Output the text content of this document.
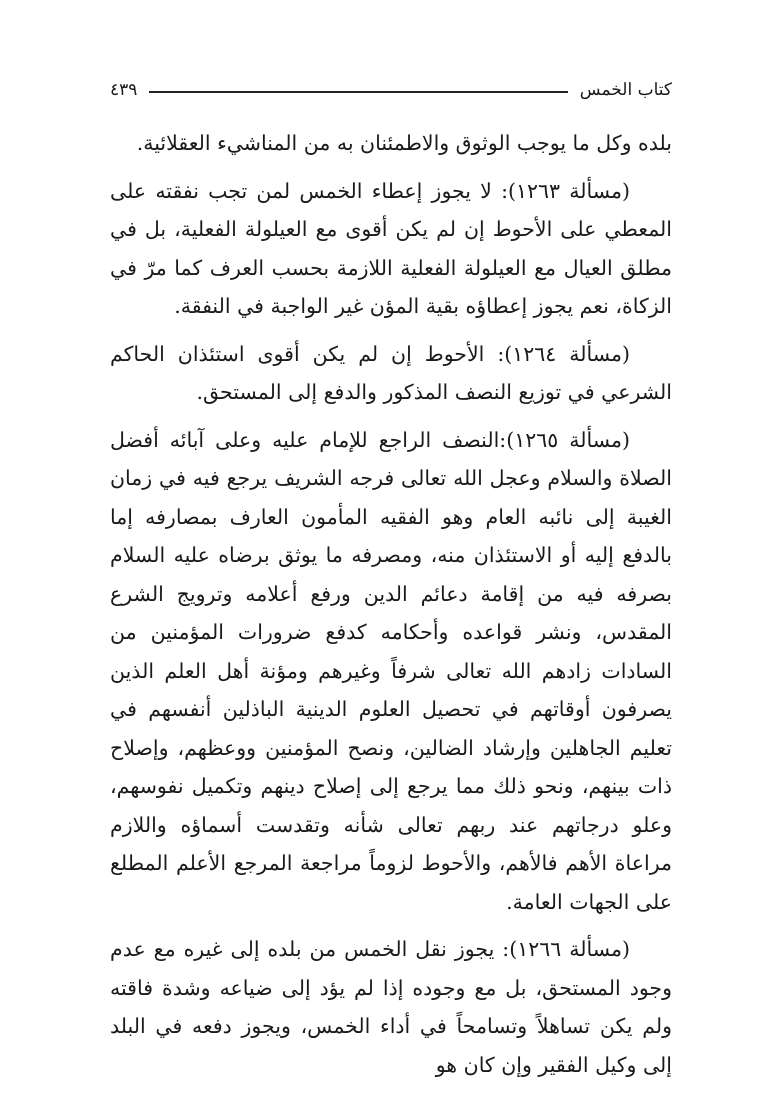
كتاب الخمس
٤٣٩

بلده وكل ما يوجب الوثوق والاطمئنان به من المناشيء العقلائية.

(مسألة ١٢٦٣): لا يجوز إعطاء الخمس لمن تجب نفقته على المعطي على الأحوط إن لم يكن أقوى مع العيلولة الفعلية، بل في مطلق العيال مع العيلولة الفعلية اللازمة بحسب العرف كما مرّ في الزكاة، نعم يجوز إعطاؤه بقية المؤن غير الواجبة في النفقة.

(مسألة ١٢٦٤): الأحوط إن لم يكن أقوى استئذان الحاكم الشرعي في توزيع النصف المذكور والدفع إلى المستحق.

(مسألة ١٢٦٥):النصف الراجع للإمام عليه وعلى آبائه أفضل الصلاة والسلام وعجل الله تعالى فرجه الشريف يرجع فيه في زمان الغيبة إلى نائبه العام وهو الفقيه المأمون العارف بمصارفه إما بالدفع إليه أو الاستئذان منه، ومصرفه ما يوثق برضاه عليه السلام بصرفه فيه من إقامة دعائم الدين ورفع أعلامه وترويج الشرع المقدس، ونشر قواعده وأحكامه كدفع ضرورات المؤمنين من السادات زادهم الله تعالى شرفاً وغيرهم ومؤنة أهل العلم الذين يصرفون أوقاتهم في تحصيل العلوم الدينية الباذلين أنفسهم في تعليم الجاهلين وإرشاد الضالين، ونصح المؤمنين ووعظهم، وإصلاح ذات بينهم، ونحو ذلك مما يرجع إلى إصلاح دينهم وتكميل نفوسهم، وعلو درجاتهم عند ربهم تعالى شأنه وتقدست أسماؤه واللازم مراعاة الأهم فالأهم، والأحوط لزوماً مراجعة المرجع الأعلم المطلع على الجهات العامة.

(مسألة ١٢٦٦): يجوز نقل الخمس من بلده إلى غيره مع عدم وجود المستحق، بل مع وجوده إذا لم يؤد إلى ضياعه وشدة فاقته ولم يكن تساهلاً وتسامحاً في أداء الخمس، ويجوز دفعه في البلد إلى وكيل الفقير وإن كان هو
